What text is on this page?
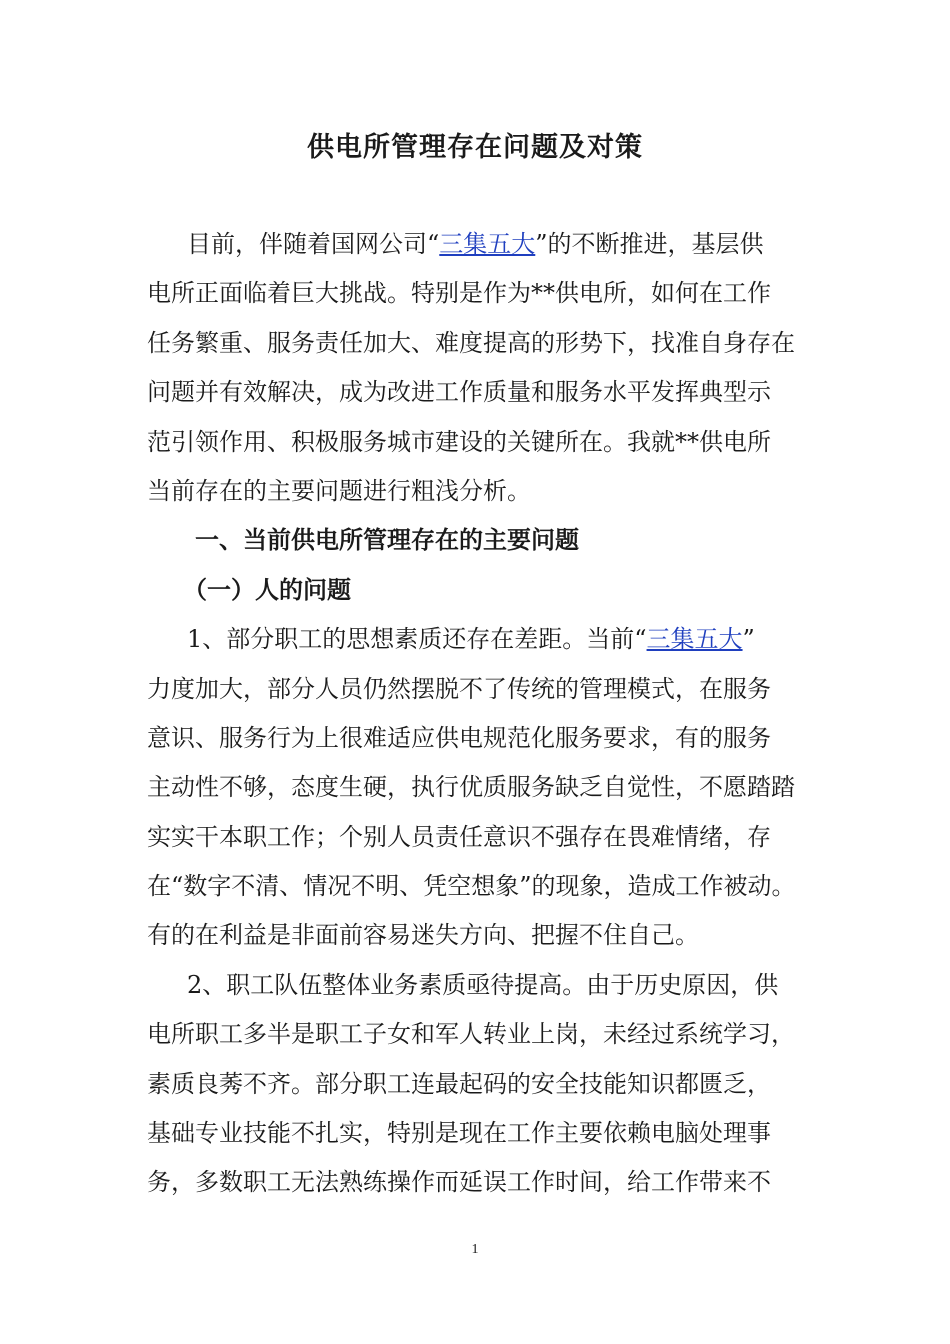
供电所管理存在问题及对策
目前，伴随着国网公司“三集五大”的不断推进，基层供
电所正面临着巨大挑战。特别是作为**供电所，如何在工作
任务繁重、服务责任加大、难度提高的形势下，找准自身存在
问题并有效解决，成为改进工作质量和服务水平发挥典型示
范引领作用、积极服务城市建设的关键所在。我就**供电所
当前存在的主要问题进行粗浅分析。
一、当前供电所管理存在的主要问题
（一）人的问题
1、部分职工的思想素质还存在差距。当前“三集五大”
力度加大，部分人员仍然摆脱不了传统的管理模式，在服务
意识、服务行为上很难适应供电规范化服务要求，有的服务
主动性不够，态度生硬，执行优质服务缺乏自觉性，不愿踏踏
实实干本职工作；个别人员责任意识不强存在畏难情绪，存
在“数字不清、情况不明、凭空想象”的现象，造成工作被动。
有的在利益是非面前容易迷失方向、把握不住自己。
2、职工队伍整体业务素质亟待提高。由于历史原因，供
电所职工多半是职工子女和军人转业上岗，未经过系统学习，
素质良莠不齐。部分职工连最起码的安全技能知识都匮乏，
基础专业技能不扎实，特别是现在工作主要依赖电脑处理事
务，多数职工无法熟练操作而延误工作时间，给工作带来不
1
